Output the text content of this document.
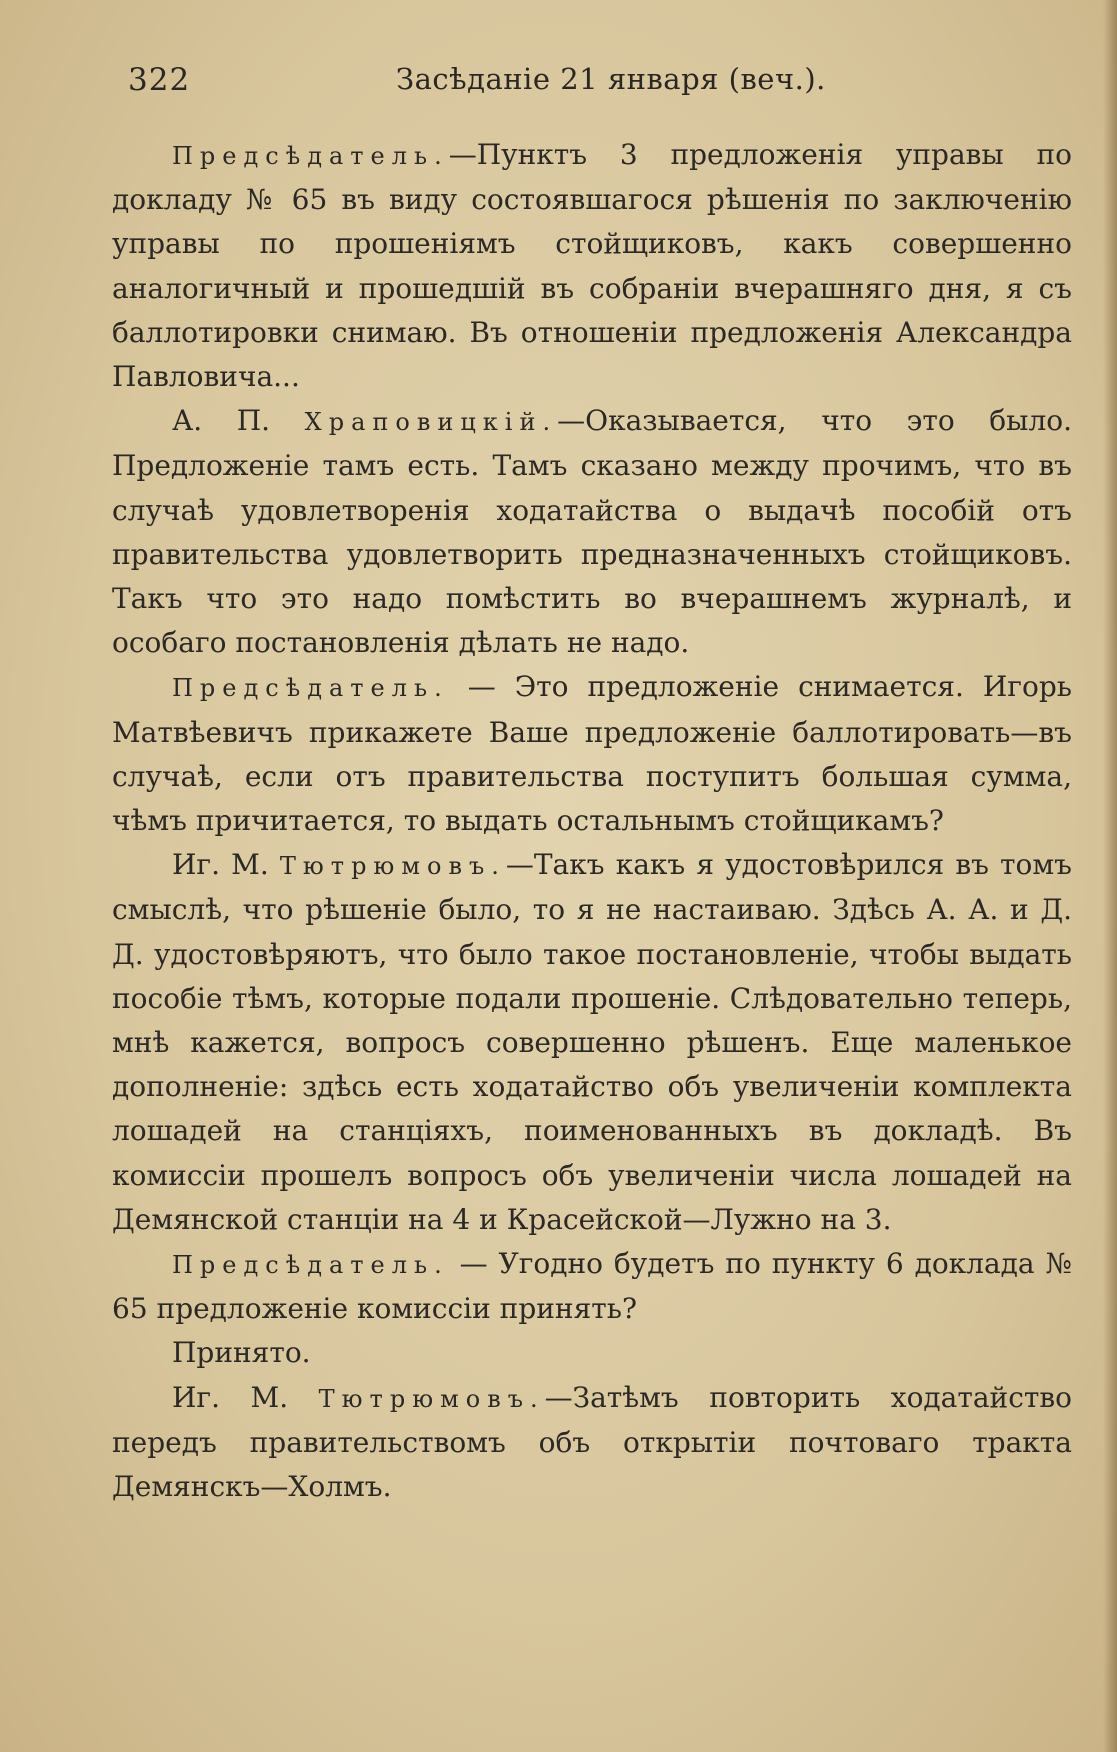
322	Засѣданіе 21 января (веч.).

Предсѣдатель.—Пунктъ 3 предложенія управы по докладу № 65 въ виду состоявшагося рѣшенія по заключенію управы по прошеніямъ стойщиковъ, какъ совершенно аналогичный и прошедшій въ собраніи вчерашняго дня, я съ баллотировки снимаю. Въ отношеніи предложенія Александра Павловича...

А. П. Храповицкій.—Оказывается, что это было. Предложеніе тамъ есть. Тамъ сказано между прочимъ, что въ случаѣ удовлетворенія ходатайства о выдачѣ пособій отъ правительства удовлетворить предназначенныхъ стойщиковъ. Такъ что это надо помѣстить во вчерашнемъ журналѣ, и особаго постановленія дѣлать не надо.

Предсѣдатель. — Это предложеніе снимается. Игорь Матвѣевичъ прикажете Ваше предложеніе баллотировать—въ случаѣ, если отъ правительства поступитъ большая сумма, чѣмъ причитается, то выдать остальнымъ стойщикамъ?

Иг. М. Тютрюмовъ.—Такъ какъ я удостовѣрился въ томъ смыслѣ, что рѣшеніе было, то я не настаиваю. Здѣсь А. А. и Д. Д. удостовѣряютъ, что было такое постановленіе, чтобы выдать пособіе тѣмъ, которые подали прошеніе. Слѣдовательно теперь, мнѣ кажется, вопросъ совершенно рѣшенъ. Еще маленькое дополненіе: здѣсь есть ходатайство объ увеличеніи комплекта лошадей на станціяхъ, поименованныхъ въ докладѣ. Въ комиссіи прошелъ вопросъ объ увеличеніи числа лошадей на Демянской станціи на 4 и Красейской—Лужно на 3.

Предсѣдатель. — Угодно будетъ по пункту 6 доклада № 65 предложеніе комиссіи принять?

Принято.

Иг. М. Тютрюмовъ.—Затѣмъ повторить ходатайство передъ правительствомъ объ открытіи почтоваго тракта Демянскъ—Холмъ.
